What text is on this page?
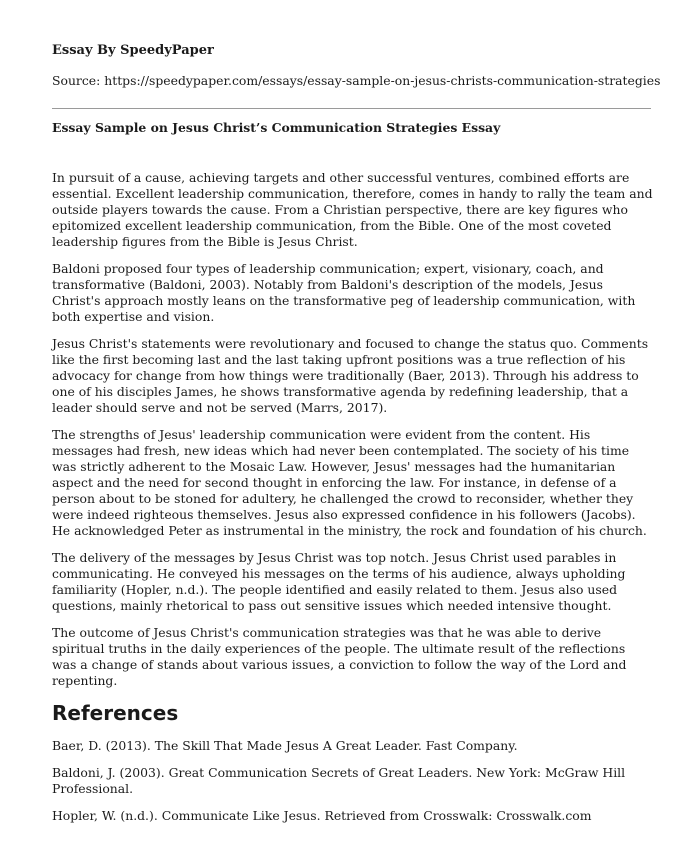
Essay By SpeedyPaper

Source: https://speedypaper.com/essays/essay-sample-on-jesus-christs-communication-strategies

Essay Sample on Jesus Christ’s Communication Strategies Essay

In pursuit of a cause, achieving targets and other successful ventures, combined efforts are essential. Excellent leadership communication, therefore, comes in handy to rally the team and outside players towards the cause. From a Christian perspective, there are key figures who epitomized excellent leadership communication, from the Bible. One of the most coveted leadership figures from the Bible is Jesus Christ.

Baldoni proposed four types of leadership communication; expert, visionary, coach, and transformative (Baldoni, 2003). Notably from Baldoni's description of the models, Jesus Christ's approach mostly leans on the transformative peg of leadership communication, with both expertise and vision.

Jesus Christ's statements were revolutionary and focused to change the status quo. Comments like the first becoming last and the last taking upfront positions was a true reflection of his advocacy for change from how things were traditionally (Baer, 2013). Through his address to one of his disciples James, he shows transformative agenda by redefining leadership, that a leader should serve and not be served (Marrs, 2017).

The strengths of Jesus' leadership communication were evident from the content. His messages had fresh, new ideas which had never been contemplated. The society of his time was strictly adherent to the Mosaic Law. However, Jesus' messages had the humanitarian aspect and the need for second thought in enforcing the law. For instance, in defense of a person about to be stoned for adultery, he challenged the crowd to reconsider, whether they were indeed righteous themselves. Jesus also expressed confidence in his followers (Jacobs). He acknowledged Peter as instrumental in the ministry, the rock and foundation of his church.

The delivery of the messages by Jesus Christ was top notch. Jesus Christ used parables in communicating. He conveyed his messages on the terms of his audience, always upholding familiarity (Hopler, n.d.). The people identified and easily related to them. Jesus also used questions, mainly rhetorical to pass out sensitive issues which needed intensive thought.

The outcome of Jesus Christ's communication strategies was that he was able to derive spiritual truths in the daily experiences of the people. The ultimate result of the reflections was a change of stands about various issues, a conviction to follow the way of the Lord and repenting.

References

Baer, D. (2013). The Skill That Made Jesus A Great Leader. Fast Company.

Baldoni, J. (2003). Great Communication Secrets of Great Leaders. New York: McGraw Hill Professional.

Hopler, W. (n.d.). Communicate Like Jesus. Retrieved from Crosswalk: Crosswalk.com
